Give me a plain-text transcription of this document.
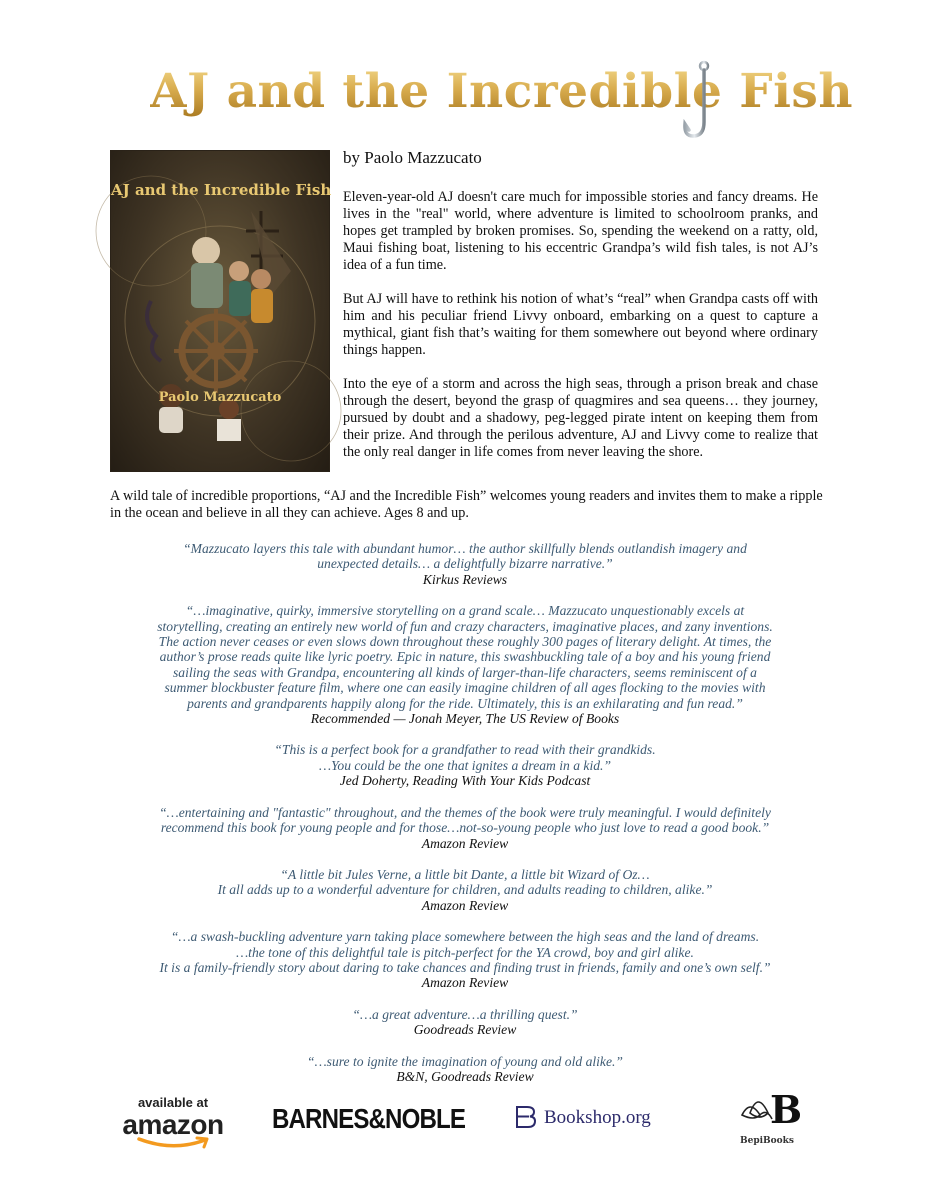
AJ and the Incredible Fish
AJ and the Incredible Fish
Paolo Mazzucato
by Paolo Mazzucato

Eleven-year-old AJ doesn't care much for impossible stories and fancy dreams. He lives in the "real" world, where adventure is limited to schoolroom pranks, and hopes get trampled by broken promises. So, spending the weekend on a ratty, old, Maui fishing boat, listening to his eccentric Grandpa’s wild fish tales, is not AJ’s idea of a fun time.

But AJ will have to rethink his notion of what’s “real” when Grandpa casts off with him and his peculiar friend Livvy onboard, embarking on a quest to capture a mythical, giant fish that’s waiting for them somewhere out beyond where ordinary things happen.

Into the eye of a storm and across the high seas, through a prison break and chase through the desert, beyond the grasp of quagmires and sea queens… they journey, pursued by doubt and a shadowy, peg-legged pirate intent on keeping them from their prize. And through the perilous adventure, AJ and Livvy come to realize that the only real danger in life comes from never leaving the shore.

A wild tale of incredible proportions, “AJ and the Incredible Fish” welcomes young readers and invites them to make a ripple in the ocean and believe in all they can achieve. Ages 8 and up.
“Mazzucato layers this tale with abundant humor… the author skillfully blends outlandish imagery and
unexpected details… a delightfully bizarre narrative.”
Kirkus Reviews
“…imaginative, quirky, immersive storytelling on a grand scale… Mazzucato unquestionably excels at
storytelling, creating an entirely new world of fun and crazy characters, imaginative places, and zany inventions.
The action never ceases or even slows down throughout these roughly 300 pages of literary delight. At times, the
author’s prose reads quite like lyric poetry. Epic in nature, this swashbuckling tale of a boy and his young friend
sailing the seas with Grandpa, encountering all kinds of larger-than-life characters, seems reminiscent of a
summer blockbuster feature film, where one can easily imagine children of all ages flocking to the movies with
parents and grandparents happily along for the ride. Ultimately, this is an exhilarating and fun read.”
Recommended — Jonah Meyer, The US Review of Books
“This is a perfect book for a grandfather to read with their grandkids.
…You could be the one that ignites a dream in a kid.”
Jed Doherty, Reading With Your Kids Podcast
“…entertaining and "fantastic" throughout, and the themes of the book were truly meaningful. I would definitely
recommend this book for young people and for those…not-so-young people who just love to read a good book.”
Amazon Review
“A little bit Jules Verne, a little bit Dante, a little bit Wizard of Oz…
It all adds up to a wonderful adventure for children, and adults reading to children, alike.”
Amazon Review
“…a swash-buckling adventure yarn taking place somewhere between the high seas and the land of dreams.
…the tone of this delightful tale is pitch-perfect for the YA crowd, boy and girl alike.
It is a family-friendly story about daring to take chances and finding trust in friends, family and one’s own self.”
Amazon Review
“…a great adventure…a thrilling quest.”
Goodreads Review
“…sure to ignite the imagination of young and old alike.”
B&N, Goodreads Review
available at
amazon BARNES&NOBLE	Bookshop.org	B
BepiBooks
